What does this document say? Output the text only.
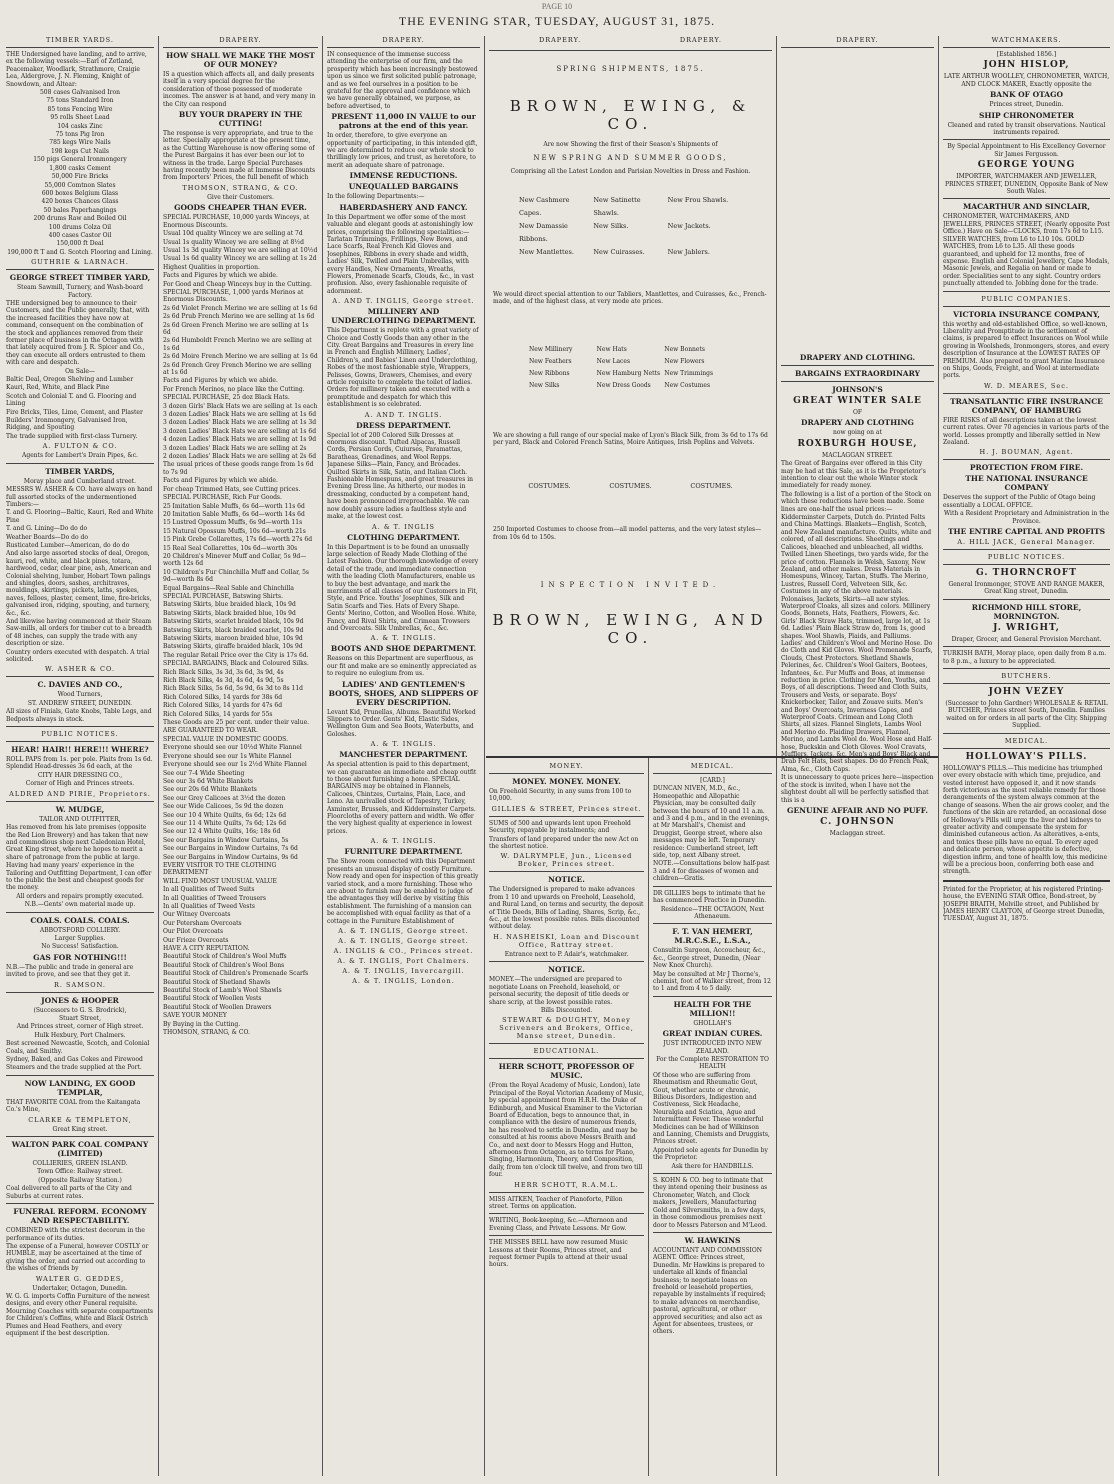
PAGE 10
THE EVENING STAR, TUESDAY, AUGUST 31, 1875.
TIMBER YARDS.

THE Undersigned have landing, and to arrive, ex the following vessels:—Earl of Zetland, Peacemaker, Woodlark, Strathmore, Craigie Lea, Aldergrove, J. N. Fleming, Knight of Snowdown, and Altear:

508 cases Galvanised Iron

75 tons Standard Iron

85 tons Fencing Wire

95 rolls Sheet Lead

104 casks Zinc

75 tons Pig Iron

785 kegs Wire Nails

198 kegs Cut Nails

150 pigs General Ironmongery

1,800 casks Cement

50,000 Fire Bricks

55,000 Comtnon Slates

600 boxes Belgium Glass

420 boxes Chances Glass

50 bales Paperhangings

200 drums Raw and Boiled Oil

100 drums Colza Oil

400 cases Castor Oil

150,000 ft Deal

190,000 ft T and G. Scotch Flooring and Lining.

GUTHRIE & LARNACH.

GEORGE STREET TIMBER YARD,

Steam Sawmill, Turnery, and Wash-board Factory.

THE undersigned beg to announce to their Customers, and the Public generally, that, with the increased facilities they have now at command, consequent on the combination of the stock and appliances removed from their former place of business in the Octagon with that lately acquired from J. R. Spicer and Co., they can execute all orders entrusted to them with care and despatch.

On Sale—

Baltic Deal, Oregon Shelving and Lumber

Kauri, Red, White, and Black Pine

Scotch and Colonial T. and G. Flooring and Lining

Fire Bricks, Tiles, Lime, Cement, and Plaster

Builders' Ironmongery, Galvanised Iron, Ridging, and Spouting

The trade supplied with first-class Turnery.

A. FULTON & CO.

Agents for Lambert's Drain Pipes, &c.

TIMBER YARDS,

Moray place and Cumberland street.

MESSRS W. ASHER & CO. have always on hand full assorted stocks of the undermentioned Timbers:—

T. and G. Flooring—Baltic, Kauri, Red and White Pine

T. and G. Lining—Do do do

Weather Boards—Do do do

Rusticated Lumber—American, do do do

And also large assorted stocks of deal, Oregon, kauri, red, white, and black pines, totara, hardwood, cedar, clear pine, ash, American and Colonial shelving, lumber, Hobart Town palings and shingles, doors, sashes, architraves, mouldings, skirtings, pickets, laths, spokes, naves, felloes, plaster, cement, lime, fire-bricks, galvanised iron, ridging, spouting, and turnery, &c., &c.

And likewise having commenced at their Steam Saw-mills, all orders for timber cut to a breadth of 48 inches, can supply the trade with any description or size.

Country orders executed with despatch. A trial solicited.

W. ASHER & CO.

C. DAVIES AND CO.,

Wood Turners,

ST. ANDREW STREET, DUNEDIN.

All sizes of Finials, Gate Knobs, Table Legs, and Bedposts always in stock.

PUBLIC NOTICES.

HEAR! HAIR!! HERE!!! WHERE?

ROLL PAPS from 1s. per pole. Plaits from 1s 6d. Splendid Head-dresses 3s 6d each, at the

CITY HAIR DRESSING CO.,

Corner of High and Princes streets.

ALDRED AND PIRIE, Proprietors.

W. MUDGE,

TAILOR AND OUTFITTER,

Has removed from his late premises (opposite the Red Lion Brewery) and has taken that new and commodious shop next Caledonian Hotel, Great King street, where he hopes to merit a share of patronage from the public at large.

Having had many years' experience in the Tailoring and Outfitting Department, I can offer to the public the best and cheapest goods for the money.

All orders and repairs promptly executed.

N.B.—Gents' own material made up.

COALS. COALS. COALS.

ABBOTSFORD COLLIERY.

Larger Supplies.

No Success! Satisfaction.

GAS FOR NOTHING!!!

N.B.—The public and trade in general are invited to prove, and see that they get it.

R. SAMSON.

JONES & HOOPER

(Successors to G. S. Brodrick),

Stuart Street,

And Princes street, corner of High street.

Hulk Hexbury, Port Chalmers.

Best screened Newcastle, Scotch, and Colonial Coals, and Smithy.

Sydney, Baked, and Gas Cokes and Firewood

Steamers and the trade supplied at the Port.

NOW LANDING, EX GOOD TEMPLAR,

THAT FAVORITE COAL from the Kaitangata Co.'s Mine,

CLARKE & TEMPLETON,

Great King street.

WALTON PARK COAL COMPANY (LIMITED)

COLLIERIES, GREEN ISLAND.

Town Office: Railway street.

(Opposite Railway Station.)

Coal delivered to all parts of the City and Suburbs at current rates.

FUNERAL REFORM. ECONOMY AND RESPECTABILITY.

COMBINED with the strictest decorum in the performance of its duties.

The expense of a Funeral, however COSTLY or HUMBLE, may be ascertained at the time of giving the order, and carried out according to the wishes of friends by

WALTER G. GEDDES,

Undertaker, Octagon, Dunedin.

W. G. G. imports Coffin Furniture of the newest designs, and every other Funeral requisite. Mourning Coaches with separate compartments for Children's Coffins, white and Black Ostrich Plumes and Head Feathers, and every equipment if the best description.

DRAPERY.

HOW SHALL WE MAKE THE MOST OF OUR MONEY?

IS a question which affects all, and daily presents itself in a very special degree for the consideration of those possessed of moderate incomes. The answer is at hand, and very many in the City can respond

BUY YOUR DRAPERY IN THE CUTTING!

The response is very appropriate, and true to the letter. Specially appropriate at the present time, as the Cutting Warehouse is now offering some of the Purest Bargains it has ever been our lot to witness in the trade. Large Special Purchases having recently been made at Immense Discounts from Importers' Prices, the full benefit of which

THOMSON, STRANG, & CO.

Give their Customers.

GOODS CHEAPER THAN EVER.

SPECIAL PURCHASE, 10,000 yards Winceys, at Enormous Discounts.

Usual 10d quality Wincey we are selling at 7d

Usual 1s quality Wincey we are selling at 8½d

Usual 1s 3d quality Wincey we are selling at 10½d

Usual 1s 6d quality Wincey we are selling at 1s 2d

Highest Qualities in proportion.

Facts and Figures by which we abide.

For Good and Cheap Winceys buy in the Cutting.

SPECIAL PURCHASE, 1,000 yards Merinos at Enormous Discounts.

2s 6d Violet French Merino we are selling at 1s 6d

2s 6d Prub French Merino we are selling at 1s 6d

2s 6d Green French Merino we are selling at 1s 6d

2s 6d Humboldt French Merino we are selling at 1s 6d

2s 6d Moire French Merino we are selling at 1s 6d

2s 6d French Grey French Merino we are selling at 1s 6d

Facts and Figures by which we abide.

For French Merinos, no place like the Cutting.

SPECIAL PURCHASE, 25 doz Black Hats.

3 dozen Girls' Black Hats we are selling at 1s each

3 dozen Ladies' Black Hats we are selling at 1s 6d

3 dozen Ladies' Black Hats we are selling at 1s 3d

3 dozen Ladies' Black Hats we are selling at 1s 6d

4 dozen Ladies' Black Hats we are selling at 1s 9d

3 dozen Ladies' Black Hats we are selling at 2s

2 dozen Ladies' Black Hats we are selling at 2s 6d

The usual prices of these goods range from 1s 6d to 7s 9d

Facts and Figures by which we abide.

For cheap Trimmed Hats, see Cutting prices.

SPECIAL PURCHASE, Rich Fur Goods.

25 Imitation Sable Muffs, 6s 6d—worth 11s 6d

20 Imitation Sable Muffs, 6s 6d—worth 14s 6d

15 Lustred Opossum Muffs, 6s 9d—worth 11s

15 Natural Opossum Muffs, 10s 6d—worth 21s

15 Pink Grebe Collarettes, 17s 6d—worth 27s 6d

15 Real Seal Collarettes, 10s 6d—worth 30s

20 Children's Minever Muff and Collar, 5s 9d—worth 12s 6d

10 Children's Fur Chinchilla Muff and Collar, 5s 9d—worth 8s 6d

Equal Bargains—Real Sable and Chinchilla

SPECIAL PURCHASE, Batswing Shirts.

Batswing Skirts, blue braided black, 10s 9d

Batswing Skirts, black braided blue, 10s 9d

Batswing Skirts, scarlet braided black, 10s 9d

Batswing Skirts, black braided scarlet, 10s 9d

Batswing Skirts, maroon braided blue, 10s 9d

Batswing Skirts, giraffe braided black, 10s 9d

The regular Retail Price over the City is 17s 6d.

SPECIAL BARGAINS, Black and Coloured Silks.

Rich Black Silks, 3s 3d, 3s 6d, 3s 9d, 4s

Rich Black Silks, 4s 3d, 4s 6d, 4s 9d, 5s

Rich Black Silks, 5s 6d, 5s 9d, 6s 3d to 8s 11d

Rich Colored Silks, 14 yards for 38s 6d

Rich Colored Silks, 14 yards for 47s 6d

Rich Colored Silks, 14 yards for 55s

These Goods are 25 per cent. under their value.

ARE GUARANTEED TO WEAR.

SPECIAL VALUE IN DOMESTIC GOODS.

Everyone should see our 10½d White Flannel

Everyone should see our 1s White Flannel

Everyone should see our 1s 2½d White Flannel

See our 7-4 Wide Sheeting

See our 3s 6d White Blankets

See our 20s 6d White Blankets

See our Grey Calicoes at 3½d the dozen

See our Wide Calicoes, 5s 9d the dozen

See our 10 4 White Quilts, 6s 6d; 12s 6d

See our 11 4 White Quilts, 7s 6d; 12s 6d

See our 12 4 White Quilts, 16s; 18s 6d

See our Bargains in Window Curtains, 5s

See our Bargains in Window Curtains, 7s 6d

See our Bargains in Window Curtains, 9s 6d

EVERY VISITOR TO THE CLOTHING DEPARTMENT

WILL FIND MOST UNUSUAL VALUE

In all Qualities of Tweed Suits

In all Qualities of Tweed Trousers

In all Qualities of Tweed Vests

Our Witney Overcoats

Our Petersham Overcoats

Our Pilot Overcoats

Our Frieze Overcoats

HAVE A CITY REPUTATION.

Beautiful Stock of Children's Wool Muffs

Beautiful Stock of Children's Wool Bons

Beautiful Stock of Children's Promenade Scarfs

Beautiful Stock of Shetland Shawls

Beautiful Stock of Lamb's Wool Shawls

Beautiful Stock of Woollen Vests

Beautiful Stock of Woollen Drawers

SAVE YOUR MONEY

By Buying in the Cutting.

THOMSON, STRANG, & CO.

DRAPERY.

IN consequence of the immense success attending the enterprise of our firm, and the prosperity which has been increasingly bestowed upon us since we first solicited public patronage, and as we feel ourselves in a position to be grateful for the approval and confidence which we have generally obtained, we purpose, as before advertised, to

PRESENT 11,000 IN VALUE to our patrons at the end of this year.

In order, therefore, to give everyone an opportunity of participating, in this intended gift, we are determined to reduce our whole stock to thrillingly low prices, and trust, as heretofore, to merit an adequate share of patronage.

IMMENSE REDUCTIONS.

UNEQUALLED BARGAINS

In the following Departments:—

HABERDASHERY AND FANCY.

In this Department we offer some of the most valuable and elegant goods at astonishingly low prices, comprising the following specialities:—Tarlatan Trimmings, Frillings, New Bows, and Lace Scarfs, Real French Kid Gloves and Josephines, Ribbons in every shade and width, Ladies' Silk, Twilled and Plain Umbrellas, with every Handles, New Ornaments, Wreaths, Flowers, Promenade Scarfs, Clouds, &c., in vast profusion. Also, every fashionable requisite of adornment.

A. AND T. INGLIS, George street.

MILLINERY AND UNDERCLOTHING DEPARTMENT.

This Department is replete with a great variety of Choice and Costly Goods than any other in the City. Great Bargains and Treasures in every line in French and English Millinery, Ladies', Children's, and Babies' Linen and Underclothing, Robes of the most fashionable style, Wrappers, Pelisses, Gowns, Drawers, Chemises, and every article requisite to complete the toilet of ladies. Orders for millinery taken and executed with a promptitude and despatch for which this establishment is so celebrated.

A. AND T. INGLIS.

DRESS DEPARTMENT.

Special lot of 200 Colored Silk Dresses at enormous discount. Tufted Alpacas, Russell Cords, Persian Cords, Cuiurses, Paramattas, Baratheas, Grenadines, and Wool Repps. Japanese Silks—Plain, Fancy, and Brocades. Quilted Skirts in Silk, Satin, and Italian Cloth. Fashionable Homespuns, and great treasures in Evening Dress line. As hitherto, our modes in dressmaking, conducted by a competent hand, have been pronounced irreproachable. We can now doubly assure ladies a faultless style and make, at the lowest cost.

A. & T. INGLIS

CLOTHING DEPARTMENT.

In this Department is to be found an unusually large selection of Ready Made Clothing of the Latest Fashion. Our thorough knowledge of every detail of the trade, and immediate connection with the leading Cloth Manufacturers, enable us to buy the best advantage, and mark the merriments of all classes of our Customers in Fit, Style, and Price. Youths' Josephines, Silk and Satin Scarfs and Ties. Hats of Every Shape. Gents' Merino, Cotton, and Woollen Hose. White, Fancy, and Rival Shirts, and Crimean Trowsers and Overcoats. Silk Umbrellas, &c., &c.

A. & T. INGLIS.

BOOTS AND SHOE DEPARTMENT.

Reasons on this Department are superfluous, as our fit and make are so eminently appreciated as to require no eulogium from us.

LADIES' AND GENTLEMEN'S BOOTS, SHOES, AND SLIPPERS OF EVERY DESCRIPTION.

Levant Kid, Prunellas, Albums. Beautiful Worked Slippers to Order. Gents' Kid, Elastic Sides, Wellington Gum and Sea Boots, Waterbutts, and Goloshes.

A. & T. INGLIS.

MANCHESTER DEPARTMENT.

As special attention is paid to this department, we can guarantee an immediate and cheap outfit to those about furnishing a home. SPECIAL BARGAINS may be obtained in Flannels, Calicoes, Chintzes, Curtains, Plain, Lace, and Leno. An unrivalled stock of Tapestry, Turkey, Axminster, Brussels, and Kidderminster Carpets. Floorcloths of every pattern and width. We offer the very highest quality at experience in lowest prices.

A. & T. INGLIS.

FURNITURE DEPARTMENT.

The Show room connected with this Department presents an unusual display of costly Furniture. Now ready and open for inspection of this greatly varied stock, and a more furnishing. Those who are about to furnish may be enabled to judge of the advantages they will derive by visiting this establishment. The furnishing of a mansion can be accomplished with equal facility as that of a cottage in the Furniture Establishment of

A. & T. INGLIS, George street.

A. & T. INGLIS, George street.

A. INGLIS & CO., Princes street.

A. & T. INGLIS, Port Chalmers.

A. & T. INGLIS, Invercargill.

A. & T. INGLIS, London.

DRAPERY.	DRAPERY.

SPRING SHIPMENTS, 1875.

BROWN, EWING, & CO.

Are now Showing the first of their Season's Shipments of

NEW SPRING AND SUMMER GOODS,

Comprising all the Latest London and Parisian Novelties in Dress and Fashion.

New Cashmere Capes.
New Satinette Shawls.
New Frou Shawls.
New Damassie Ribbons.
New Silks.	New Jackets.
New Mantlettes.	New Cuirasses.	New Jablers.

We would direct special attention to our Tabliers, Mantlettes, and Cuirasses, &c., French-made, and of the highest class, at very mode ate prices.

New Millinery	New Hats	New Bonnets
New Feathers	New Laces	New Flowers
New Ribbons	New Hamburg Netts New Trimmings
New Silks	New Dress Goods	New Costumes

We are showing a full range of our special make of Lyon's Black Silk, from 3s 6d to 17s 6d per yard, Black and Colored French Satins, Moire Antiques, Irish Poplins and Velvets.

COSTUMES.	COSTUMES.	COSTUMES.

250 Imported Costumes to choose from—all model patterns, and the very latest styles—from 10s 6d to 150s.

INSPECTION INVITED.

BROWN, EWING, AND CO.

MONEY.

MONEY. MONEY. MONEY.

On Freehold Security, in any sums from 100 to 10,000.

GILLIES & STREET, Princes street.

SUMS of 500 and upwards lent upon Freehold Security, repayable by instalments; and

Transfers of land prepared under the new Act on the shortest notice.

W. DALRYMPLE, Jun., Licensed Broker, Princes street.

NOTICE.

The Undersigned is prepared to make advances from 1 10 and upwards on Freehold, Leasehold, and Rural Land, on terms and security, the deposit of Title Deeds, Bills of Lading, Shares, Scrip, &c., &c., at the lowest possible rates. Bills discounted without delay.

H. NASHEISKI, Loan and Discount Office, Rattray street.

Entrance next to P. Adair's, watchmaker.

NOTICE.

MONEY.—The undersigned are prepared to negotiate Loans on Freehold, leasehold, or personal security, the deposit of title deeds or share scrip, at the lowest possible rates.

Bills Discounted.

STEWART & DOUGHTY, Money Scriveners and Brokers, Office, Manse street, Dunedin.

EDUCATIONAL.

HERR SCHOTT, PROFESSOR OF MUSIC.

(From the Royal Academy of Music, London), late Principal of the Royal Victorian Academy of Music, by special appointment from H.R.H. the Duke of Edinburgh, and Musical Examiner to the Victorian Board of Education, begs to announce that, in compliance with the desire of numerous friends, he has resolved to settle in Dunedin, and may be consulted at his rooms above Messrs Braith and Co., and next door to Messrs Hogg and Hutton, afternoons from Octagon, as to terms for Piano, Singing, Harmonium, Theory, and Composition, daily, from ten o'clock till twelve, and from two till four.

HERR SCHOTT, R.A.M.L.

MISS AITKEN, Teacher of Pianoforte, Pillon street. Terms on application.

WRITING, Book-keeping, &c.—Afternoon and Evening Class, and Private Lessons. Mr Gow.

THE MISSES BELL have now resumed Music Lessons at their Rooms, Princes street, and request former Pupils to attend at their usual hours.

MEDICAL.

[CARD.]

DUNCAN NIVEN, M.D., &c., Homeopathic and Allopathic Physician, may be consulted daily between the hours of 10 and 11 a.m. and 3 and 4 p.m., and in the evenings, at Mr Marshall's, Chemist and Druggist, George street, where also messages may be left. Temporary residence: Cumberland street, left side, top, next Albany street.

NOTE.—Consultations below half-past 3 and 4 for diseases of women and children—Gratis.

DR GILLIES begs to intimate that he has commenced Practice in Dunedin.

Residence—THE OCTAGON, Next Athenaeum.

F. T. VAN HEMERT, M.R.C.S.E., L.S.A.,

Consultin Surgeon, Accoucheur, &c., &c., George street, Dunedin, (Near New Knox Church).

May be consulted at Mr J Thorne's, chemist, foot of Walker street, from 12 to 1 and from 4 to 5 daily.

HEALTH FOR THE MILLION!!

GHOLLAH'S

GREAT INDIAN CURES.

JUST INTRODUCED INTO NEW ZEALAND.

For the Complete RESTORATION TO HEALTH

Of those who are suffering from Rheumatism and Rheumatic Gout, Gout, whether acute or chronic, Bilious Disorders, Indigestion and Costiveness, Sick Headache, Neuralgia and Sciatica, Ague and Intermittent Fever. These wonderful Medicines can be had of Wilkinson and Lanning, Chemists and Druggists, Princes street.

Appointed sole agents for Dunedin by the Proprietor.

Ask there for HANDBILLS.

S. KOHN & CO. beg to intimate that they intend opening their business as Chronometer, Watch, and Clock makers, Jewellers, Manufacturing Gold and Silversmiths, in a few days, in those commodious premises next door to Messrs Paterson and M'Leod.

W. HAWKINS

ACCOUNTANT AND COMMISSION AGENT. Office: Princes street, Dunedin. Mr Hawkins is prepared to undertake all kinds of financial business; to negotiate loans on freehold or leasehold properties, repayable by instalments if required; to make advances on merchandise, pastoral, agricultural, or other approved securities; and also act as Agent for absentees, trustees, or others.

DRAPERY.

DRAPERY AND CLOTHING.

BARGAINS EXTRAORDINARY

JOHNSON'S

GREAT WINTER SALE

OF

DRAPERY AND CLOTHING

now going on at

ROXBURGH HOUSE,

MACLAGGAN STREET.

The Great of Bargains ever offered in this City may be had at this Sale, as it is the Proprietor's intention to clear out the whole Winter stock immediately for ready money.

The following is a list of a portion of the Stock on which these reductions have been made. Some lines are one-half the usual prices:—

Kidderminster Carpets, Dutch do. Printed Felts and China Mattings. Blankets—English, Scotch, and New Zealand manufacture. Quilts, white and colored, of all descriptions. Sheetings and Calicoes, bleached and unbleached, all widths. Twilled Linen Sheetings, two yards wide, for the price of cotton. Flannels in Welsh, Saxony, New Zealand, and other makes. Dress Materials in Homespuns, Wincey, Tartan, Stuffs. The Merino, Lustres, Russell Cord, Velveteen Silk, &c. Costumes in any of the above materials. Polonaises, Jackets, Skirts—all new styles. Waterproof Cloaks, all sizes and colors. Millinery Goods, Bonnets, Hats, Feathers, Flowers, &c. Girls' Black Straw Hats, trimmed, large lot, at 1s 6d. Ladies' Plain Black Straw do, from 1s, good shapes. Wool Shawls, Plaids, and Palliums. Ladies' and Children's Wool and Merino Hose. Do do Cloth and Kid Gloves. Wool Promenade Scarfs, Clouds, Chest Protectors. Shetland Shawls, Pelerines, &c. Children's Wool Gaiters, Bootees, Infantees, &c. Fur Muffs and Boas, at immense reduction in price. Clothing for Men, Youths, and Boys, of all descriptions. Tweed and Cloth Suits, Trousers and Vests, or separate. Boys' Knickerbocker, Tailor, and Zouave suits. Men's and Boys' Overcoats, Inverness Capes, and Waterproof Coats. Crimean and Long Cloth Shirts, all sizes. Flannel Singlets, Lambs Wool and Merino do. Plaiding Drawers, Flannel, Merino, and Lambs Wool do. Wool Hose and Half-hose, Buckskin and Cloth Gloves. Wool Cravats, Mufflers, Jackets, &c. Men's and Boys' Black and Drab Felt Hats, best shapes. Do do French Peak, Alma, &c., Cloth Caps.

It is unnecessary to quote prices here—inspection of the stock is invited, when I have not the slightest doubt all will be perfectly satisfied that this is a

GENUINE AFFAIR AND NO PUFF.

C. JOHNSON

Maclaggan street.

WATCHMAKERS.

[Established 1856.]

JOHN HISLOP,

LATE ARTHUR WOOLLEY, CHRONOMETER, WATCH, AND CLOCK MAKER, Exactly opposite the

BANK OF OTAGO

Princes street, Dunedin.

SHIP CHRONOMETER

Cleaned and rated by transit observations. Nautical instruments repaired.

By Special Appointment to His Excellency Governor Sir James Fergusson.

GEORGE YOUNG

IMPORTER, WATCHMAKER AND JEWELLER, PRINCES STREET, DUNEDIN, Opposite Bank of New South Wales.

MACARTHUR AND SINCLAIR,

CHRONOMETER, WATCHMAKERS, AND JEWELLERS, PRINCES STREET, (Nearly opposite Post Office.) Have on Sale—CLOCKS, from 17s 6d to L15. SILVER WATCHES, from L6 to L10 10s. GOLD WATCHES, from L6 to L35. All these goods guaranteed, and upheld for 12 months, free of expense. English and Colonial Jewellery, Cape Medals, Masonic Jewels, and Regalia on hand or made to order. Specialities sent to any sight. Country orders punctually attended to. Jobbing done for the trade.

PUBLIC COMPANIES.

VICTORIA INSURANCE COMPANY,

this worthy and old-established Office, so well-known, Liberality and Promptitude in the settlement of claims, is prepared to effect Insurances on Wool while growing in Woolsheds, Ironmongers, stores, and every description of Insurance at the LOWEST RATES OF PREMIUM. Also prepared to grant Marine Insurance on Ships, Goods, Freight, and Wool at intermediate ports.

W. D. MEARES, Sec.

TRANSATLANTIC FIRE INSURANCE COMPANY, OF HAMBURG

FIRE RISKS of all descriptions taken at the lowest current rates. Over 70 agencies in various parts of the world. Losses promptly and liberally settled in New Zealand.

H. J. BOUMAN, Agent.

PROTECTION FROM FIRE.

THE NATIONAL INSURANCE COMPANY

Deserves the support of the Public of Otago being essentially a LOCAL OFFICE.

With a Resident Proprietary and Administration in the Province.

THE ENTIRE CAPITAL AND PROFITS

A. HILL JACK, General Manager.

PUBLIC NOTICES.

G. THORNCROFT

General Ironmonger, STOVE AND RANGE MAKER, Great King street, Dunedin.

RICHMOND HILL STORE, MORNINGTON.

J. WRIGHT,

Draper, Grocer, and General Provision Merchant.

TURKISH BATH, Moray place, open daily from 8 a.m. to 8 p.m., a luxury to be appreciated.

BUTCHERS.

JOHN VEZEY

(Successor to John Gardner) WHOLESALE & RETAIL BUTCHER, Princes street South, Dunedin. Families waited on for orders in all parts of the City. Shipping Supplied.

MEDICAL.

HOLLOWAY'S PILLS.

HOLLOWAY'S PILLS.—This medicine has triumphed over every obstacle with which time, prejudice, and vested interest have opposed it, and it now stands forth victorious as the most reliable remedy for those derangements of the system always common at the change of seasons. When the air grows cooler, and the functions of the skin are retarded, an occasional dose of Holloway's Pills will urge the liver and kidneys to greater activity and compensate the system for diminished cutaneous action. As alteratives, a-ents, and tonics these pills have no equal. To every aged and delicate person, whose appetite is defective, digestion infirm, and tone of health low, this medicine will be a precious boon, conferring both ease and strength.

Printed for the Proprietor, at his registered Printing-house, the EVENING STAR Office, Bond-street, by JOSEPH BRAITH, Melville street, and Published by JAMES HENRY CLAYTON, of George street Dunedin, TUESDAY, August 31, 1875.
